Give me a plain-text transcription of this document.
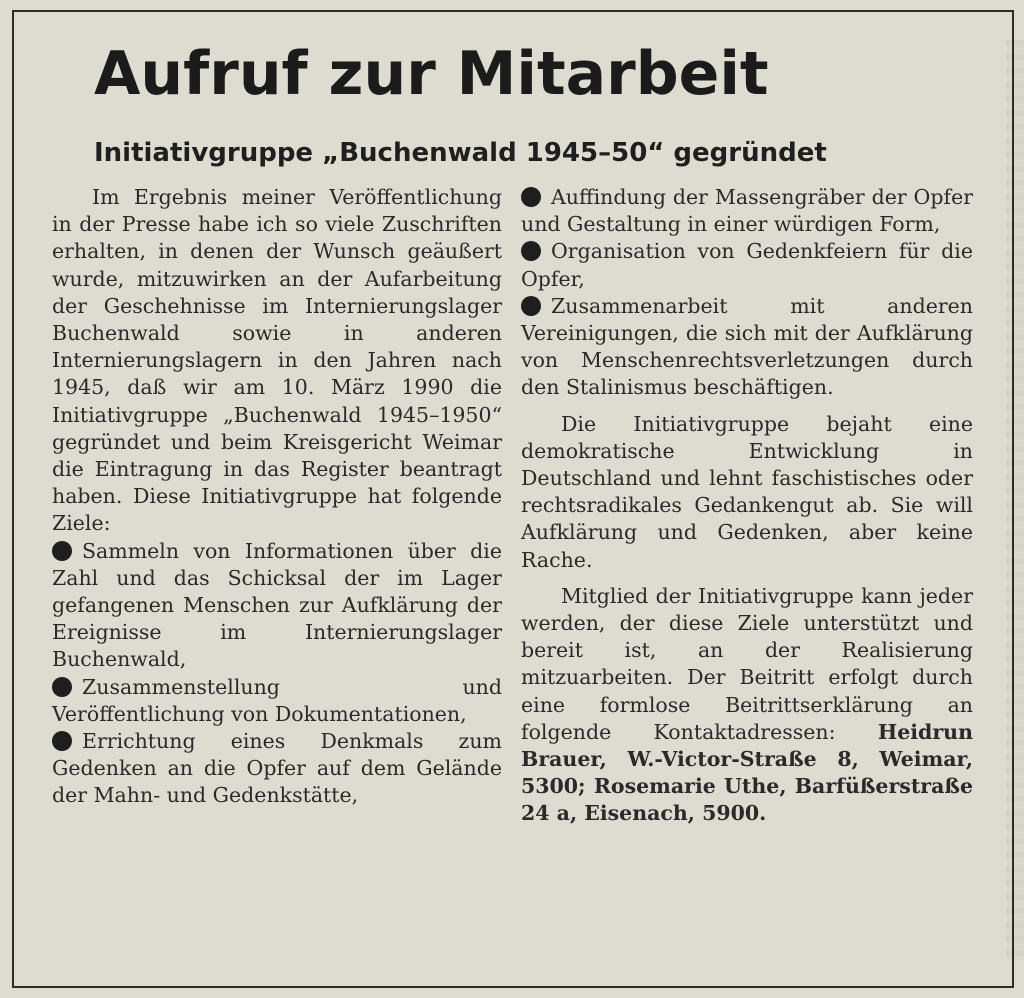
Aufruf zur Mitarbeit
Initiativgruppe „Buchenwald 1945–50“ gegründet

Im Ergebnis meiner Veröffentlichung in der Presse habe ich so viele Zuschriften erhalten, in denen der Wunsch geäußert wurde, mitzuwirken an der Aufarbeitung der Geschehnisse im Internierungslager Buchenwald sowie in anderen Internierungslagern in den Jahren nach 1945, daß wir am 10. März 1990 die Initiativgruppe „Buchenwald 1945–1950“ gegründet und beim Kreisgericht Weimar die Eintragung in das Register beantragt haben. Diese Initiativgruppe hat folgende Ziele:

Sammeln von Informationen über die Zahl und das Schicksal der im Lager gefangenen Menschen zur Aufklärung der Ereignisse im Internierungslager Buchenwald,

Zusammenstellung und Veröffentlichung von Dokumentationen,

Errichtung eines Denkmals zum Gedenken an die Opfer auf dem Gelände der Mahn- und Gedenkstätte,

Auffindung der Massengräber der Opfer und Gestaltung in einer würdigen Form,

Organisation von Gedenkfeiern für die Opfer,

Zusammenarbeit mit anderen Vereinigungen, die sich mit der Aufklärung von Menschenrechtsverletzungen durch den Stalinismus beschäftigen.

Die Initiativgruppe bejaht eine demokratische Entwicklung in Deutschland und lehnt faschistisches oder rechtsradikales Gedankengut ab. Sie will Aufklärung und Gedenken, aber keine Rache.

Mitglied der Initiativgruppe kann jeder werden, der diese Ziele unterstützt und bereit ist, an der Realisierung mitzuarbeiten. Der Beitritt erfolgt durch eine formlose Beitrittserklärung an folgende Kontaktadressen: Heidrun Brauer, W.-Victor-Straße 8, Weimar, 5300; Rosemarie Uthe, Barfüßerstraße 24 a, Eisenach, 5900.
